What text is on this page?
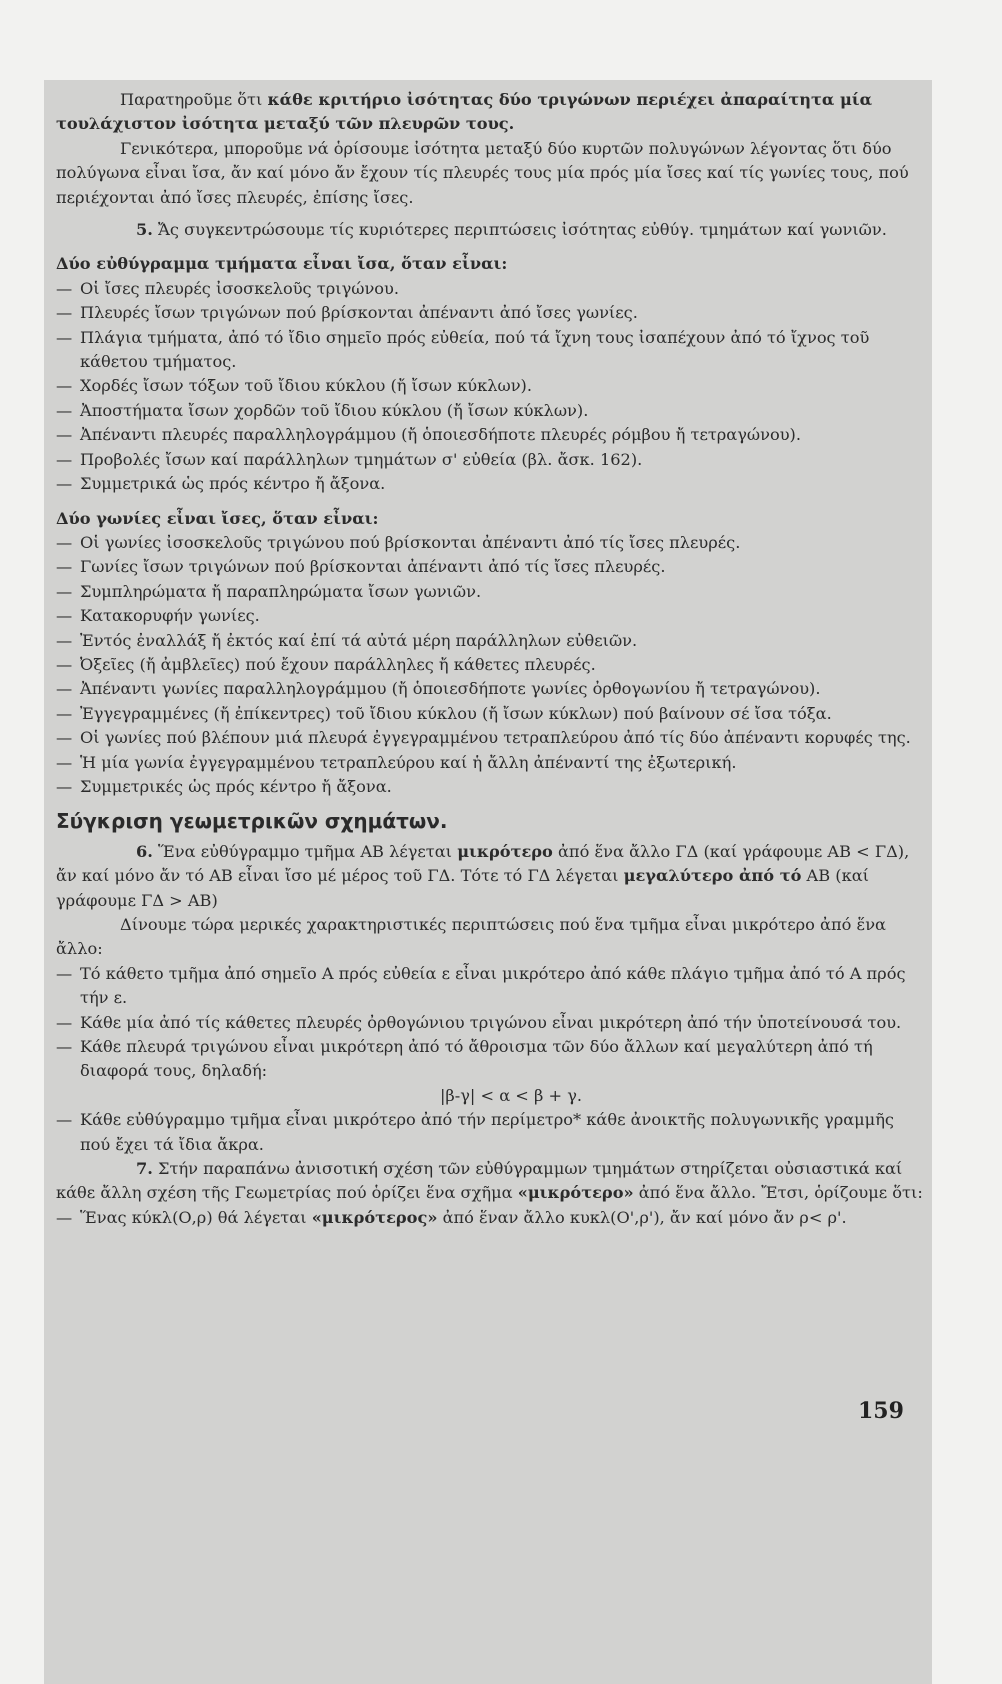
Παρατηροῦμε ὅτι κάθε κριτήριο ἰσότητας δύο τριγώνων περιέχει ἀπαραίτητα μία τουλάχιστον ἰσότητα μεταξύ τῶν πλευρῶν τους.

Γενικότερα, μποροῦμε νά ὁρίσουμε ἰσότητα μεταξύ δύο κυρτῶν πολυγώνων λέγοντας ὅτι δύο πολύγωνα εἶναι ἴσα, ἄν καί μόνο ἄν ἔχουν τίς πλευρές τους μία πρός μία ἴσες καί τίς γωνίες τους, πού περιέχονται ἀπό ἴσες πλευρές, ἐπίσης ἴσες.

5. Ἄς συγκεντρώσουμε τίς κυριότερες περιπτώσεις ἰσότητας εὐθύγ. τμημάτων καί γωνιῶν.

Δύο εὐθύγραμμα τμήματα εἶναι ἴσα, ὅταν εἶναι:

— Οἱ ἴσες πλευρές ἰσοσκελοῦς τριγώνου.

— Πλευρές ἴσων τριγώνων πού βρίσκονται ἀπέναντι ἀπό ἴσες γωνίες.

— Πλάγια τμήματα, ἀπό τό ἴδιο σημεῖο πρός εὐθεία, πού τά ἴχνη τους ἰσαπέχουν ἀπό τό ἴχνος τοῦ κάθετου τμήματος.

— Χορδές ἴσων τόξων τοῦ ἴδιου κύκλου (ἤ ἴσων κύκλων).

— Ἀποστήματα ἴσων χορδῶν τοῦ ἴδιου κύκλου (ἤ ἴσων κύκλων).

— Ἀπέναντι πλευρές παραλληλογράμμου (ἤ ὁποιεσδήποτε πλευρές ρόμβου ἤ τετραγώνου).

— Προβολές ἴσων καί παράλληλων τμημάτων σ' εὐθεία (βλ. ἄσκ. 162).

— Συμμετρικά ὡς πρός κέντρο ἤ ἄξονα.

Δύο γωνίες εἶναι ἴσες, ὅταν εἶναι:

— Οἱ γωνίες ἰσοσκελοῦς τριγώνου πού βρίσκονται ἀπέναντι ἀπό τίς ἴσες πλευρές.

— Γωνίες ἴσων τριγώνων πού βρίσκονται ἀπέναντι ἀπό τίς ἴσες πλευρές.

— Συμπληρώματα ἤ παραπληρώματα ἴσων γωνιῶν.

— Κατακορυφήν γωνίες.

— Ἐντός ἐναλλάξ ἤ ἐκτός καί ἐπί τά αὐτά μέρη παράλληλων εὐθειῶν.

— Ὀξεῖες (ἤ ἀμβλεῖες) πού ἔχουν παράλληλες ἤ κάθετες πλευρές.

— Ἀπέναντι γωνίες παραλληλογράμμου (ἤ ὁποιεσδήποτε γωνίες ὀρθογωνίου ἤ τετραγώνου).

— Ἐγγεγραμμένες (ἤ ἐπίκεντρες) τοῦ ἴδιου κύκλου (ἤ ἴσων κύκλων) πού βαίνουν σέ ἴσα τόξα.

— Οἱ γωνίες πού βλέπουν μιά πλευρά ἐγγεγραμμένου τετραπλεύρου ἀπό τίς δύο ἀπέναντι κορυφές της.

— Ἡ μία γωνία ἐγγεγραμμένου τετραπλεύρου καί ἡ ἄλλη ἀπέναντί της ἐξωτερική.

— Συμμετρικές ὡς πρός κέντρο ἤ ἄξονα.

Σύγκριση γεωμετρικῶν σχημάτων.

6. Ἕνα εὐθύγραμμο τμῆμα ΑΒ λέγεται μικρότερο ἀπό ἕνα ἄλλο ΓΔ (καί γράφουμε ΑΒ < ΓΔ), ἄν καί μόνο ἄν τό ΑΒ εἶναι ἴσο μέ μέρος τοῦ ΓΔ. Τότε τό ΓΔ λέγεται μεγαλύτερο ἀπό τό ΑΒ (καί γράφουμε ΓΔ > ΑΒ)

Δίνουμε τώρα μερικές χαρακτηριστικές περιπτώσεις πού ἕνα τμῆμα εἶναι μικρότερο ἀπό ἕνα ἄλλο:

— Τό κάθετο τμῆμα ἀπό σημεῖο Α πρός εὐθεία ε εἶναι μικρότερο ἀπό κάθε πλάγιο τμῆμα ἀπό τό Α πρός τήν ε.

— Κάθε μία ἀπό τίς κάθετες πλευρές ὀρθογώνιου τριγώνου εἶναι μικρότερη ἀπό τήν ὑποτείνουσά του.

— Κάθε πλευρά τριγώνου εἶναι μικρότερη ἀπό τό ἄθροισμα τῶν δύο ἄλλων καί μεγαλύτερη ἀπό τή διαφορά τους, δηλαδή:

|β-γ| < α < β + γ.

— Κάθε εὐθύγραμμο τμῆμα εἶναι μικρότερο ἀπό τήν περίμετρο* κάθε ἀνοικτῆς πολυγωνικῆς γραμμῆς πού ἔχει τά ἴδια ἄκρα.

7. Στήν παραπάνω ἀνισοτική σχέση τῶν εὐθύγραμμων τμημάτων στηρίζεται οὐσιαστικά καί κάθε ἄλλη σχέση τῆς Γεωμετρίας πού ὁρίζει ἕνα σχῆμα «μικρότερο» ἀπό ἕνα ἄλλο. Ἔτσι, ὁρίζουμε ὅτι:

— Ἕνας κύκλ(Ο,ρ) θά λέγεται «μικρότερος» ἀπό ἕναν ἄλλο κυκλ(Ο',ρ'), ἄν καί μόνο ἄν ρ< ρ'.

159
